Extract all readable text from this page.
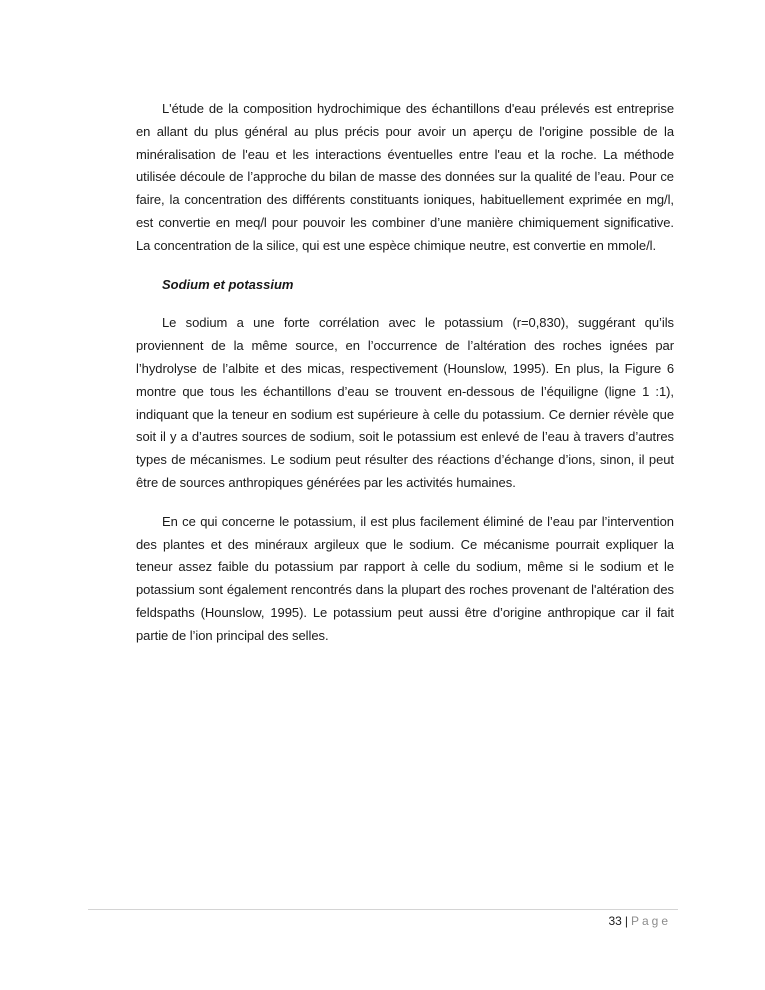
L'étude de la composition hydrochimique des échantillons d'eau prélevés est entreprise en allant du plus général au plus précis pour avoir un aperçu de l'origine possible de la minéralisation de l'eau et les interactions éventuelles entre l'eau et la roche. La méthode utilisée découle de l’approche du bilan de masse des données sur la qualité de l’eau. Pour ce faire, la concentration des différents constituants ioniques, habituellement exprimée en mg/l, est convertie en meq/l pour pouvoir les combiner d’une manière chimiquement significative. La concentration de la silice, qui est une espèce chimique neutre, est convertie en mmole/l.

Sodium et potassium

Le sodium a une forte corrélation avec le potassium (r=0,830), suggérant qu’ils proviennent de la même source, en l’occurrence de l’altération des roches ignées par l’hydrolyse de l’albite et des micas, respectivement (Hounslow, 1995). En plus, la Figure 6 montre que tous les échantillons d’eau se trouvent en-dessous de l’équiligne (ligne 1 :1), indiquant que la teneur en sodium est supérieure à celle du potassium. Ce dernier révèle que soit il y a d’autres sources de sodium, soit le potassium est enlevé de l’eau à travers d’autres types de mécanismes. Le sodium peut résulter des réactions d’échange d’ions, sinon, il peut être de sources anthropiques générées par les activités humaines.

En ce qui concerne le potassium, il est plus facilement éliminé de l’eau par l’intervention des plantes et des minéraux argileux que le sodium. Ce mécanisme pourrait expliquer la teneur assez faible du potassium par rapport à celle du sodium, même si le sodium et le potassium sont également rencontrés dans la plupart des roches provenant de l'altération des feldspaths (Hounslow, 1995). Le potassium peut aussi être d’origine anthropique car il fait partie de l’ion principal des selles.

33 | Page
